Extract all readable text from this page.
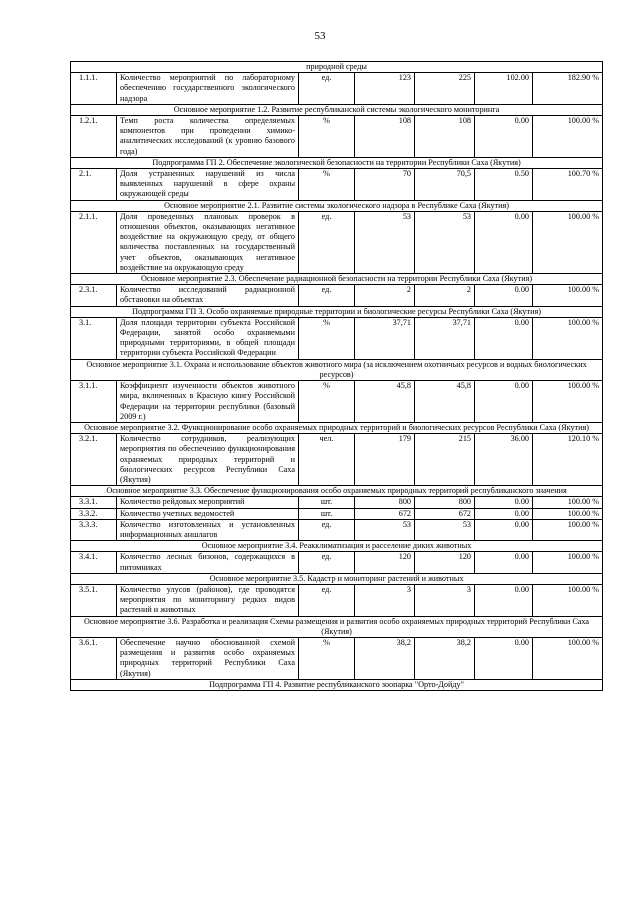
53
природной среды						
1.1.1.	Количество мероприятий по лабораторному обеспечению государственного экологического надзора	ед.	123	225	102.00	182.90 %
Основное мероприятие 1.2. Развитие республиканской системы экологического мониторинга						
1.2.1.	Темп роста количества определяемых компонентов при проведении химико-аналитических исследований (к уровню базового года)	%	108	108	0.00	100.00 %
Подпрограмма ГП 2. Обеспечение экологической безопасности на территории Республики Саха (Якутия)						
2.1.	Доля устраненных нарушений из числа выявленных нарушений в сфере охраны окружающей среды	%	70	70,5	0.50	100.70 %
Основное мероприятие 2.1. Развитие системы экологического надзора в Республике Саха (Якутия)						
2.1.1.	Доля проведенных плановых проверок в отношении объектов, оказывающих негативное воздействие на окружающую среду, от общего количества поставленных на государственный учет объектов, оказывающих негативное воздействие на окружающую среду	ед.	53	53	0.00	100.00 %
Основное мероприятие 2.3. Обеспечение радиационной безопасности на территории Республики Саха (Якутия)						
2.3.1.	Количество исследований радиационной обстановки на объектах	ед.	2	2	0.00	100.00 %
Подпрограмма ГП 3. Особо охраняемые природные территории и биологические ресурсы Республики Саха (Якутия)						
3.1.	Доля площади территории субъекта Российской Федерации, занятой особо охраняемыми природными территориями, в общей площади территории субъекта Российской Федерации	%	37,71	37,71	0.00	100.00 %
Основное мероприятие 3.1. Охрана и использование объектов животного мира (за исключением охотничьих ресурсов и водных биологических ресурсов)						
3.1.1.	Коэффициент изученности объектов животного мира, включенных в Красную книгу Российской Федерации на территории республики (базовый 2009 г.)	%	45,8	45,8	0.00	100.00 %
Основное мероприятие 3.2. Функционирование особо охраняемых природных территорий и биологических ресурсов Республики Саха (Якутия)						
3.2.1.	Количество сотрудников, реализующих мероприятия по обеспечению функционирования охраняемых природных территорий и биологических ресурсов Республики Саха (Якутия)	чел.	179	215	36.00	120.10 %
Основное мероприятие 3.3. Обеспечение функционирования особо охраняемых природных территорий республиканского значения						
3.3.1.	Количество рейдовых мероприятий	шт.	800	800	0.00	100.00 %
3.3.2.	Количество учетных ведомостей	шт.	672	672	0.00	100.00 %
3.3.3.	Количество изготовленных и установленных информационных аншлагов	ед.	53	53	0.00	100.00 %
Основное мероприятие 3.4. Реакклиматизация и расселение диких животных						
3.4.1.	Количество лесных бизонов, содержащихся в питомниках	ед.	120	120	0.00	100.00 %
Основное мероприятие 3.5. Кадастр и мониторинг растений и животных						
3.5.1.	Количество улусов (районов), где проводятся мероприятия по мониторингу редких видов растений и животных	ед.	3	3	0.00	100.00 %
Основное мероприятие 3.6. Разработка и реализация Схемы размещения и развития особо охраняемых природных территорий Республики Саха (Якутия)						
3.6.1.	Обеспечение научно обоснованной схемой размещения и развития особо охраняемых природных территорий Республики Саха (Якутия)	%	38,2	38,2	0.00	100.00 %
Подпрограмма ГП 4. Развитие республиканского зоопарка "Орто-Дойду"						
